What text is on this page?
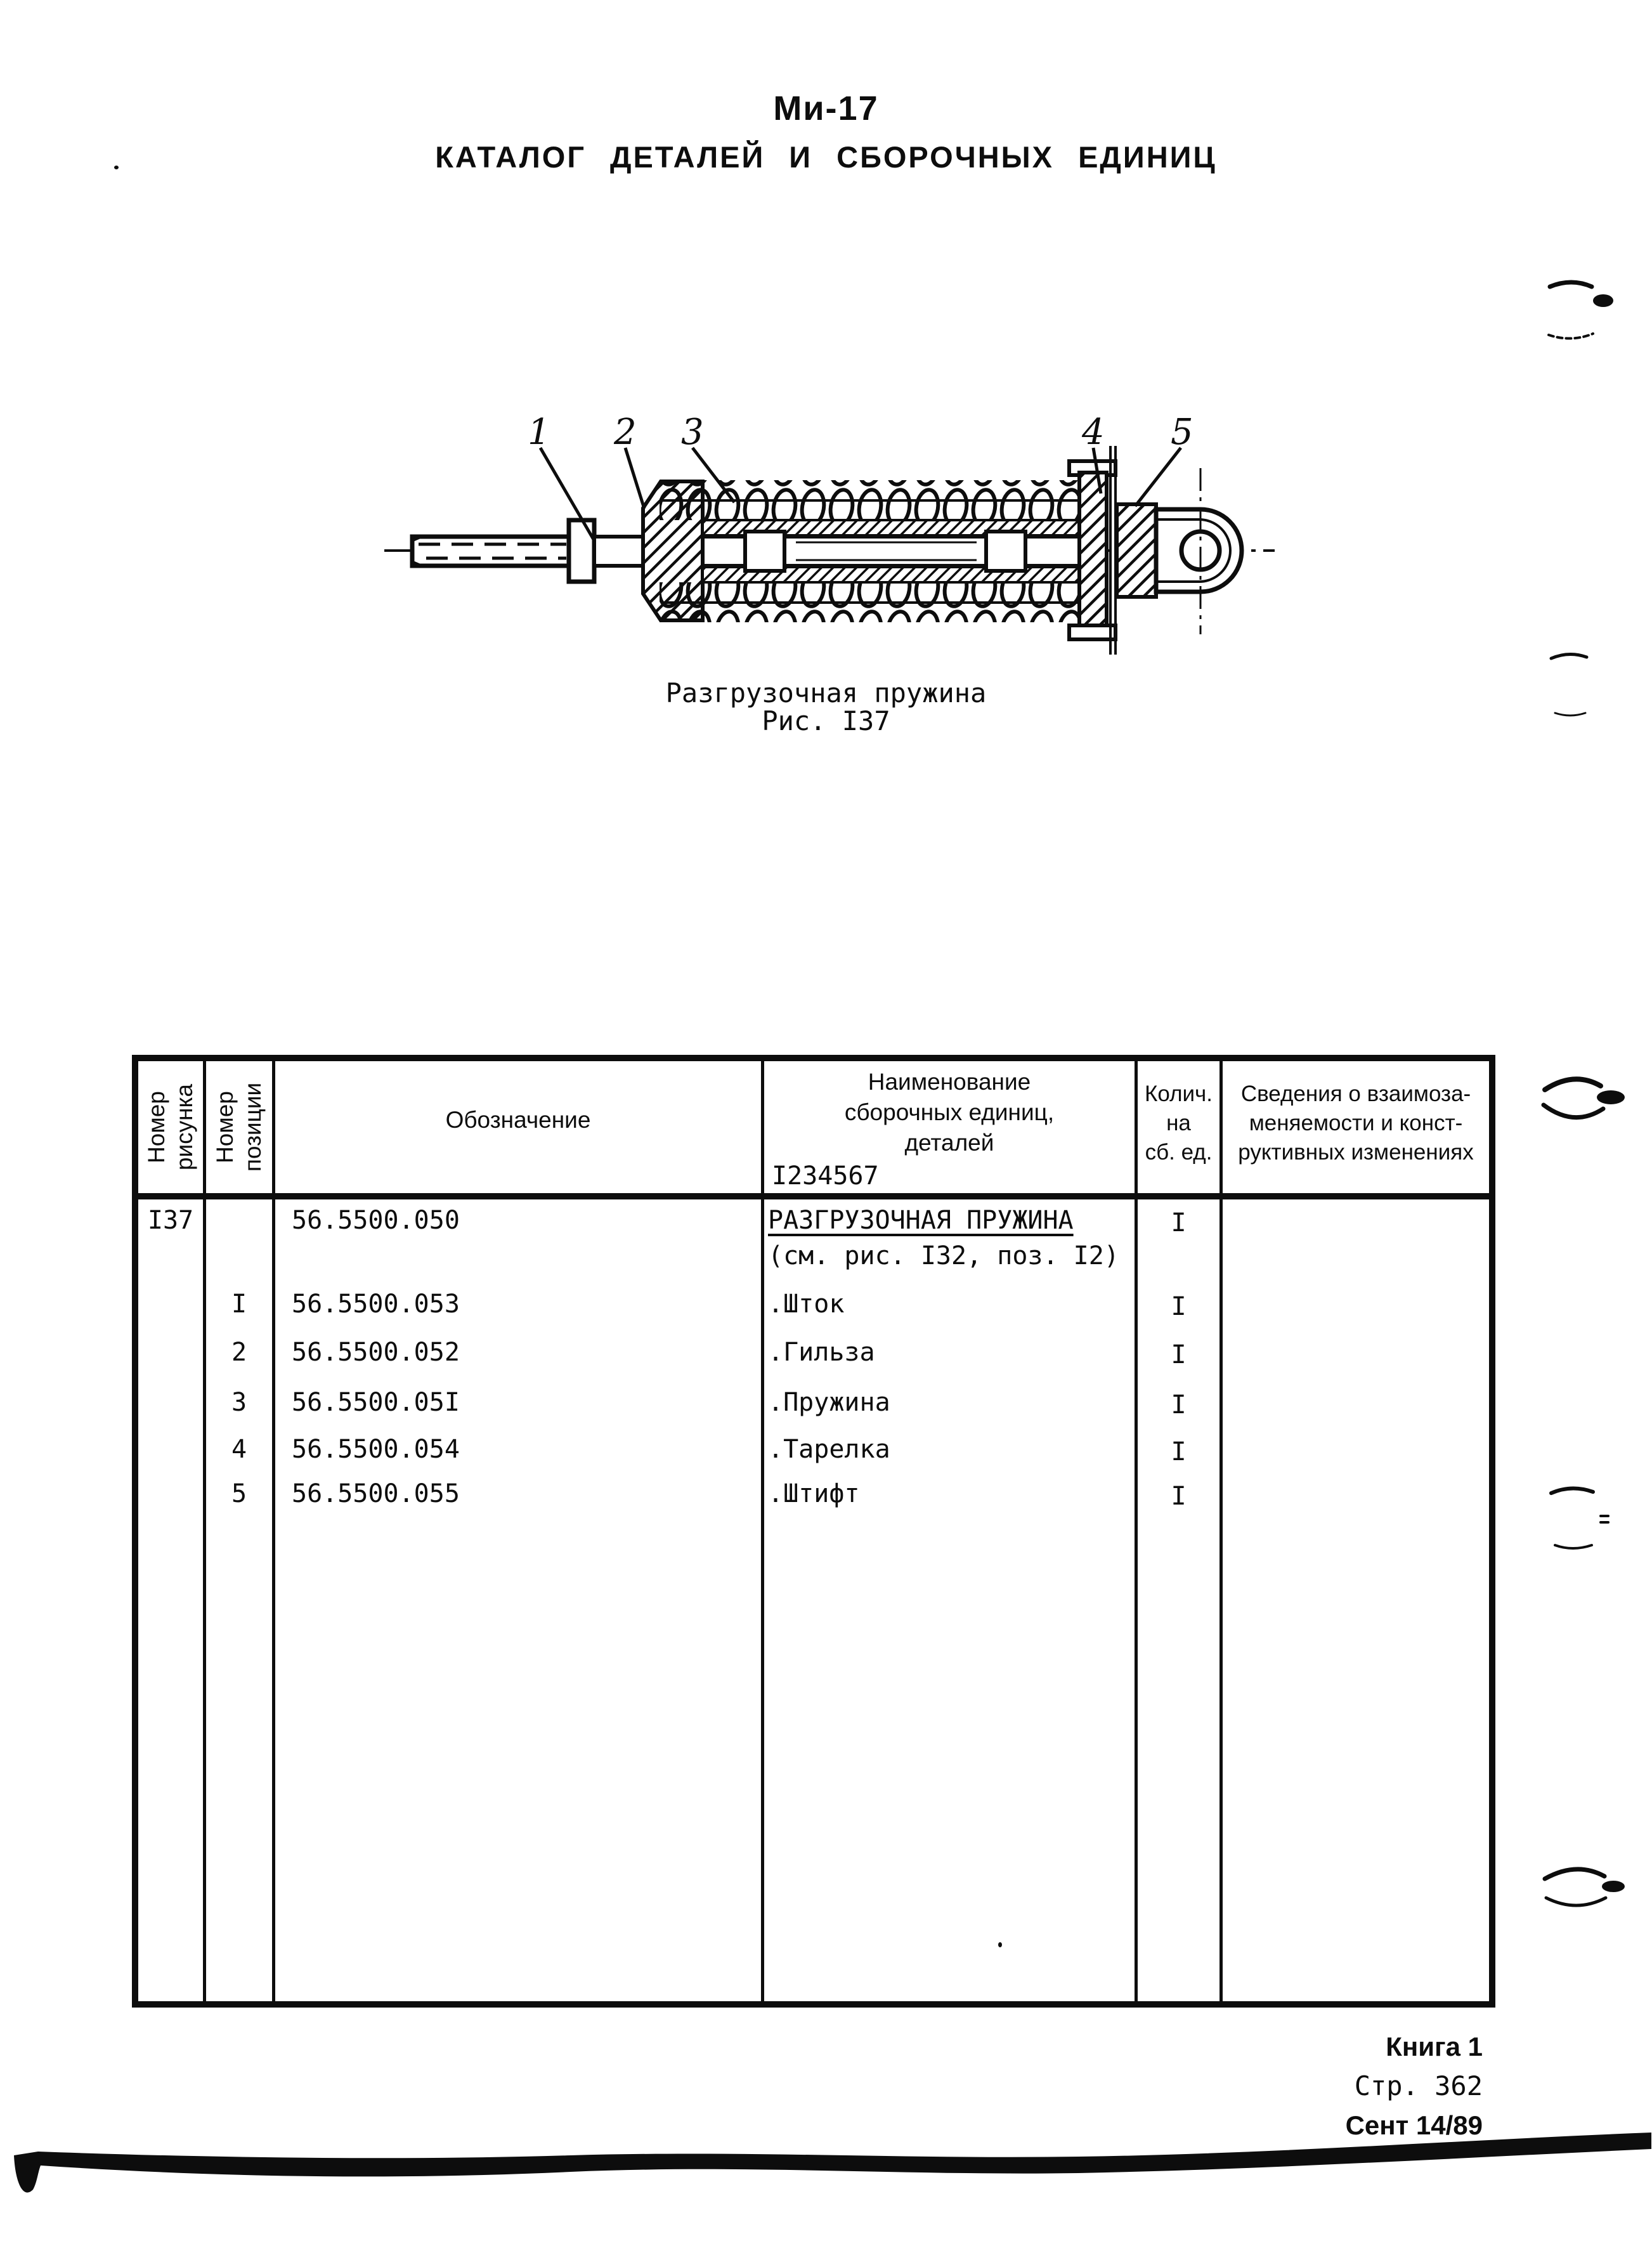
Ми-17
КАТАЛОГ ДЕТАЛЕЙ И СБОРОЧНЫХ ЕДИНИЦ
1 2 3	4 5
Разгрузочная пружина
Рис. I37
Номер рисунка Номер позиции	Обозначение
Наименование
сборочных единиц,
деталей
I234567
Колич.
на
сб. ед.
Сведения о взаимоза-
меняемости и конст-
руктивных изменениях
I37
I
2
3
4
5
56.5500.050
56.5500.053
56.5500.052
56.5500.05I
56.5500.054
56.5500.055
РАЗГРУЗОЧНАЯ ПРУЖИНА
(см. рис. I32, поз. I2)
.Шток
.Гильза
.Пружина
.Тарелка
.Штифт
I
I
I
I
I
I
Книга 1
Стр. 362
Сент 14/89
